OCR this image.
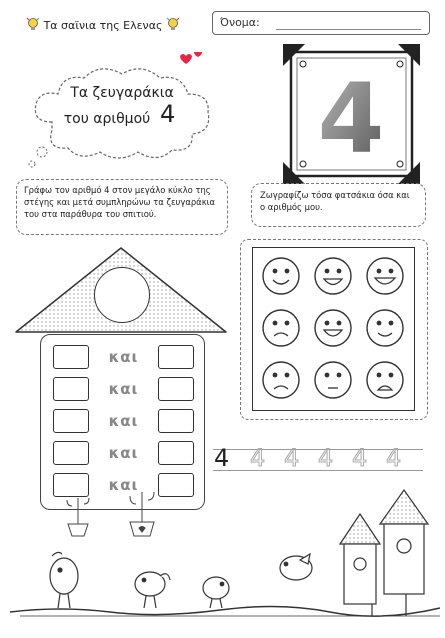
Τα σαϊνια της Ελενας	Όνομα:
Τα ζευγαράκια
του αριθμού 4 4
Γράφω τον αριθμό 4 στον μεγάλο κύκλο της στέγης και μετά συμπληρώνω τα ζευγαράκια του στα παράθυρα του σπιτιού.
Ζωγραφίζω τόσα φατσάκια όσα και ο αριθμός μου.
και
και
και
και
και
4 4 4 4 4 4
